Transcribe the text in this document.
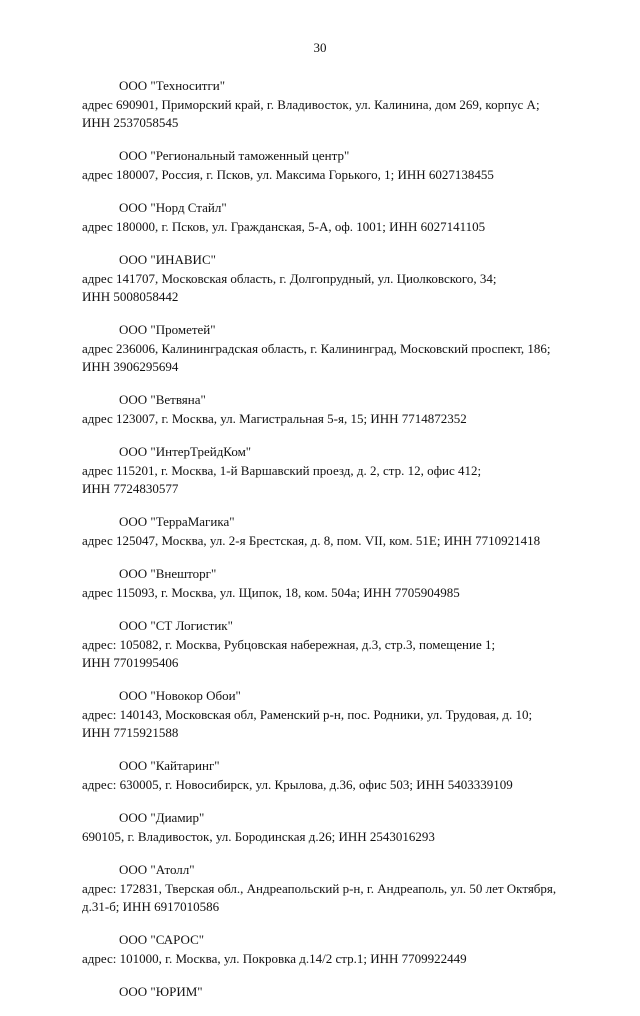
30
ООО "Техноситги"
адрес 690901, Приморский край, г. Владивосток, ул. Калинина, дом 269, корпус А;
ИНН 2537058545
ООО "Региональный таможенный центр"
адрес 180007, Россия, г. Псков, ул. Максима Горького, 1; ИНН 6027138455
ООО "Норд Стайл"
адрес 180000, г. Псков, ул. Гражданская, 5-А, оф. 1001; ИНН 6027141105
ООО "ИНАВИС"
адрес 141707, Московская область, г. Долгопрудный, ул. Циолковского, 34;
ИНН 5008058442
ООО "Прометей"
адрес 236006, Калининградская область, г. Калининград, Московский проспект, 186;
ИНН 3906295694
ООО "Ветвяна"
адрес 123007, г. Москва, ул. Магистральная 5-я, 15; ИНН 7714872352
ООО "ИнтерТрейдКом"
адрес 115201, г. Москва, 1-й Варшавский проезд, д. 2, стр. 12, офис 412;
ИНН 7724830577
ООО "ТерраМагика"
адрес 125047, Москва, ул. 2-я Брестская, д. 8, пом. VII, ком. 51Е; ИНН 7710921418
ООО "Внешторг"
адрес 115093, г. Москва, ул. Щипок, 18, ком. 504а; ИНН 7705904985
ООО "СТ Логистик"
адрес: 105082, г. Москва, Рубцовская набережная, д.3, стр.3, помещение 1;
ИНН 7701995406
ООО "Новокор Обои"
адрес: 140143, Московская обл, Раменский р-н, пос. Родники, ул. Трудовая, д. 10;
ИНН 7715921588
ООО "Кайтаринг"
адрес: 630005, г. Новосибирск, ул. Крылова, д.36, офис 503; ИНН 5403339109
ООО "Диамир"
690105, г. Владивосток, ул. Бородинская д.26; ИНН 2543016293
ООО "Атолл"
адрес: 172831, Тверская обл., Андреапольский р-н, г. Андреаполь, ул. 50 лет Октября,
д.31-б; ИНН 6917010586
ООО "САРОС"
адрес: 101000, г. Москва, ул. Покровка д.14/2 стр.1; ИНН 7709922449
ООО "ЮРИМ"
